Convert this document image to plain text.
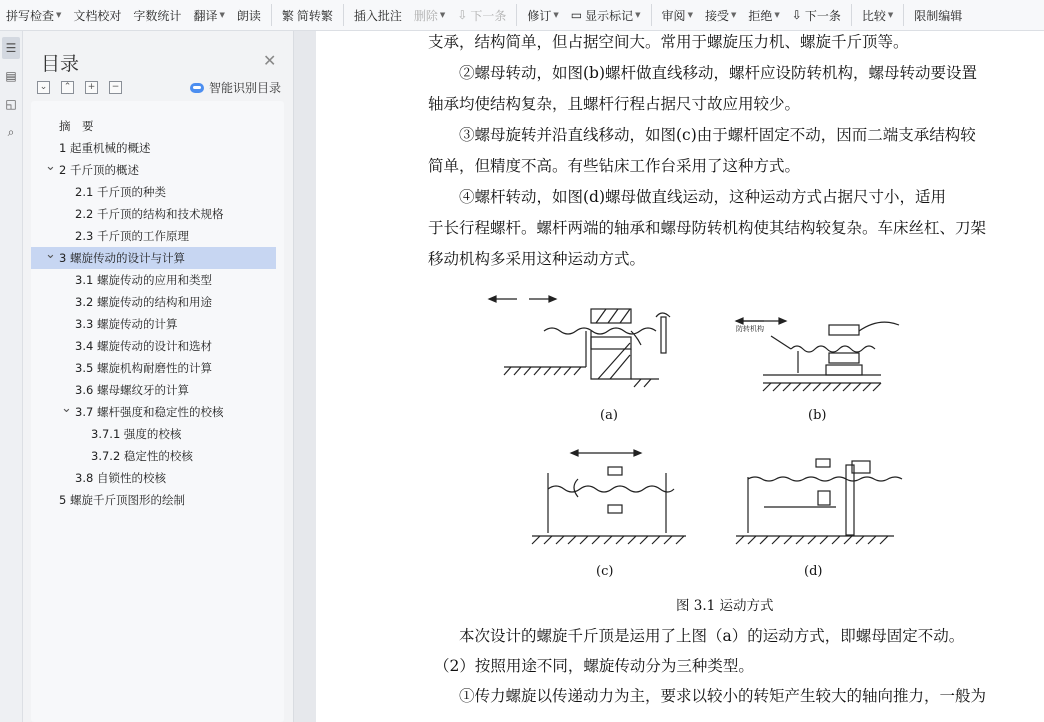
拼写检查 ▼ 文档校对 字数统计 翻译 ▼ 朗读 繁 简转繁 插入批注 删除 ▼ ⇩ 下一条 修订 ▼ ▭ 显示标记 ▼ 审阅 ▼ 接受 ▼ 拒绝 ▼ ⇩ 下一条 比较 ▼ 限制编辑
☰
▤
◱
⌕
目录	✕
⌄	⌃	+	−	智能识别目录
摘　要
1 起重机械的概述
⌄ 2 千斤顶的概述
2.1 千斤顶的种类
2.2 千斤顶的结构和技术规格
2.3 千斤顶的工作原理
⌄ 3 螺旋传动的设计与计算
3.1 螺旋传动的应用和类型
3.2 螺旋传动的结构和用途
3.3 螺旋传动的计算
3.4 螺旋传动的设计和选材
3.5 螺旋机构耐磨性的计算
3.6 螺母螺纹牙的计算
⌄ 3.7 螺杆强度和稳定性的校核
3.7.1 强度的校核
3.7.2 稳定性的校核
3.8 自锁性的校核
5 螺旋千斤顶图形的绘制
防转机构
(a)	(b)
(c)	(d)
图 3.1 运动方式
支承，结构简单，但占据空间大。常用于螺旋压力机、螺旋千斤顶等。
②螺母转动，如图(b)螺杆做直线移动，螺杆应设防转机构，螺母转动要设置
轴承均使结构复杂，且螺杆行程占据尺寸故应用较少。
③螺母旋转并沿直线移动，如图(c)由于螺杆固定不动，因而二端支承结构较
简单，但精度不高。有些钻床工作台采用了这种方式。
④螺杆转动，如图(d)螺母做直线运动，这种运动方式占据尺寸小，适用
于长行程螺杆。螺杆两端的轴承和螺母防转机构使其结构较复杂。车床丝杠、刀架
移动机构多采用这种运动方式。
本次设计的螺旋千斤顶是运用了上图（a）的运动方式，即螺母固定不动。
（2）按照用途不同，螺旋传动分为三种类型。
①传力螺旋以传递动力为主，要求以较小的转矩产生较大的轴向推力，一般为
